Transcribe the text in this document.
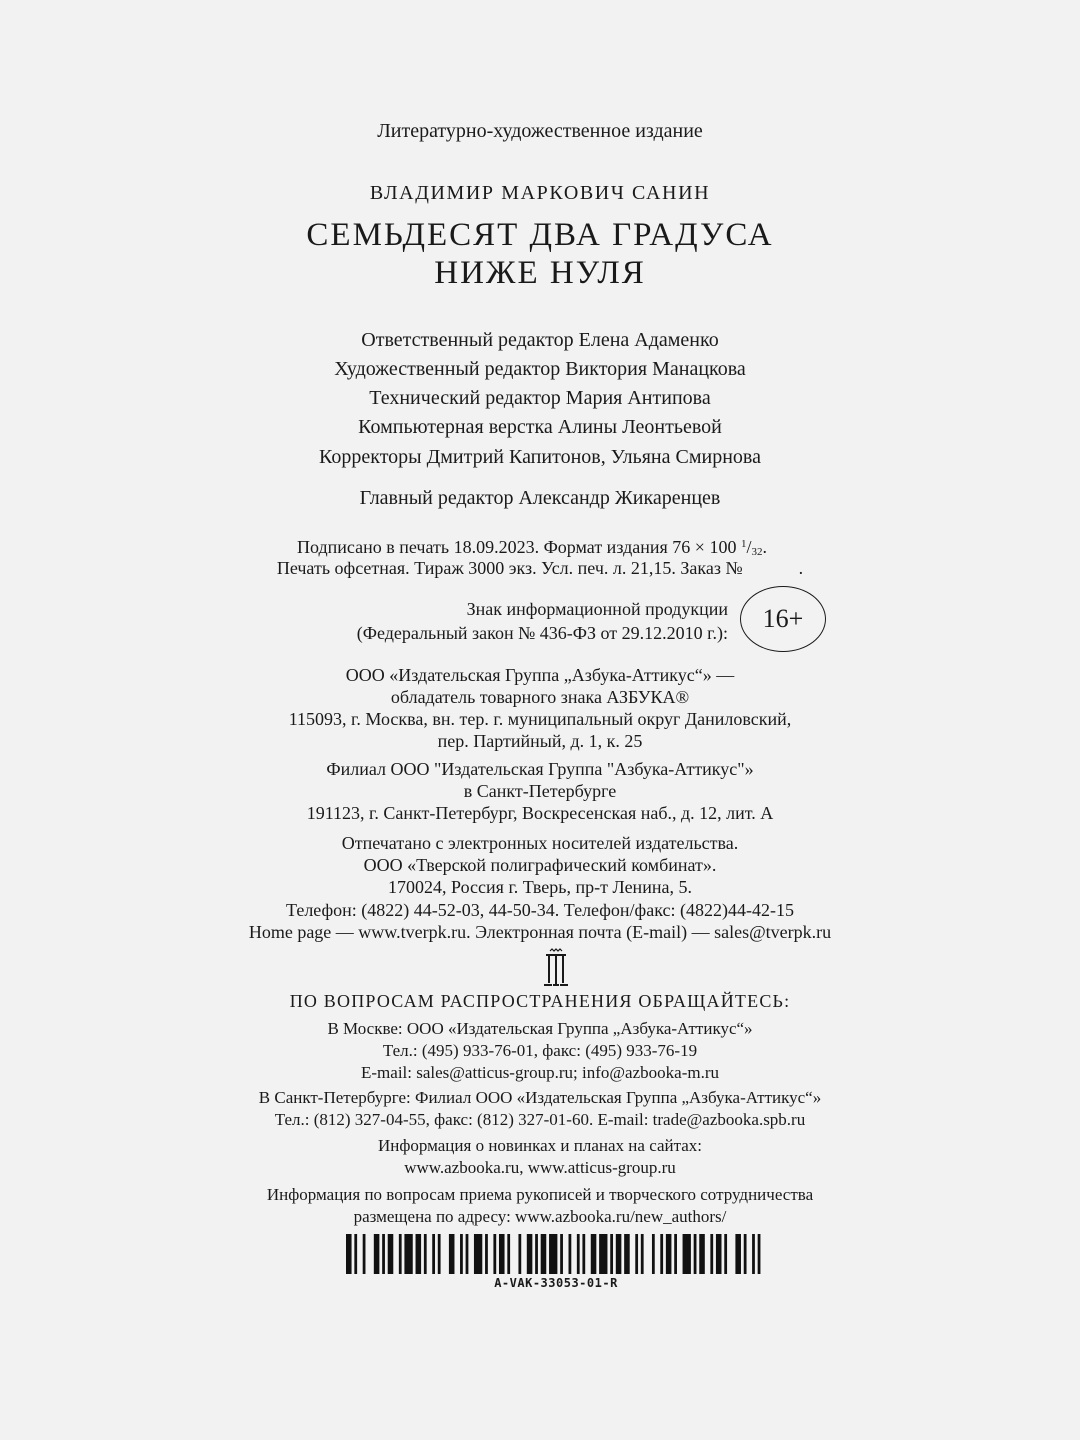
Литературно-художественное издание
ВЛАДИМИР МАРКОВИЧ САНИН
СЕМЬДЕСЯТ ДВА ГРАДУСА
НИЖЕ НУЛЯ
Ответственный редактор Елена Адаменко
Художественный редактор Виктория Манацкова
Технический редактор Мария Антипова
Компьютерная верстка Алины Леонтьевой
Корректоры Дмитрий Капитонов, Ульяна Смирнова
Главный редактор Александр Жикаренцев
Подписано в печать 18.09.2023. Формат издания 76 × 100 $^1/_{32}$.
Печать офсетная. Тираж 3000 экз. Усл. печ. л. 21,15. Заказ №	.
Знак информационной продукции
(Федеральный закон № 436-ФЗ от 29.12.2010 г.):	16+
ООО «Издательская Группа „Азбука-Аттикус“» —
обладатель товарного знака АЗБУКА®
115093, г. Москва, вн. тер. г. муниципальный округ Даниловский,
пер. Партийный, д. 1, к. 25
Филиал ООО "Издательская Группа "Азбука-Аттикус"»
в Санкт-Петербурге
191123, г. Санкт-Петербург, Воскресенская наб., д. 12, лит. А
Отпечатано с электронных носителей издательства.
ООО «Тверской полиграфический комбинат».
170024, Россия г. Тверь, пр-т Ленина, 5.
Телефон: (4822) 44-52-03, 44-50-34. Телефон/факс: (4822)44-42-15
Home page — www.tverpk.ru. Электронная почта (E-mail) — sales@tverpk.ru
ПО ВОПРОСАМ РАСПРОСТРАНЕНИЯ ОБРАЩАЙТЕСЬ:
В Москве: ООО «Издательская Группа „Азбука-Аттикус“»
Тел.: (495) 933-76-01, факс: (495) 933-76-19
E-mail: sales@atticus-group.ru; info@azbooka-m.ru
В Санкт-Петербурге: Филиал ООО «Издательская Группа „Азбука-Аттикус“»
Тел.: (812) 327-04-55, факс: (812) 327-01-60. E-mail: trade@azbooka.spb.ru
Информация о новинках и планах на сайтах:
www.azbooka.ru, www.atticus-group.ru
Информация по вопросам приема рукописей и творческого сотрудничества
размещена по адресу: www.azbooka.ru/new_authors/
A-VAK-33053-01-R
